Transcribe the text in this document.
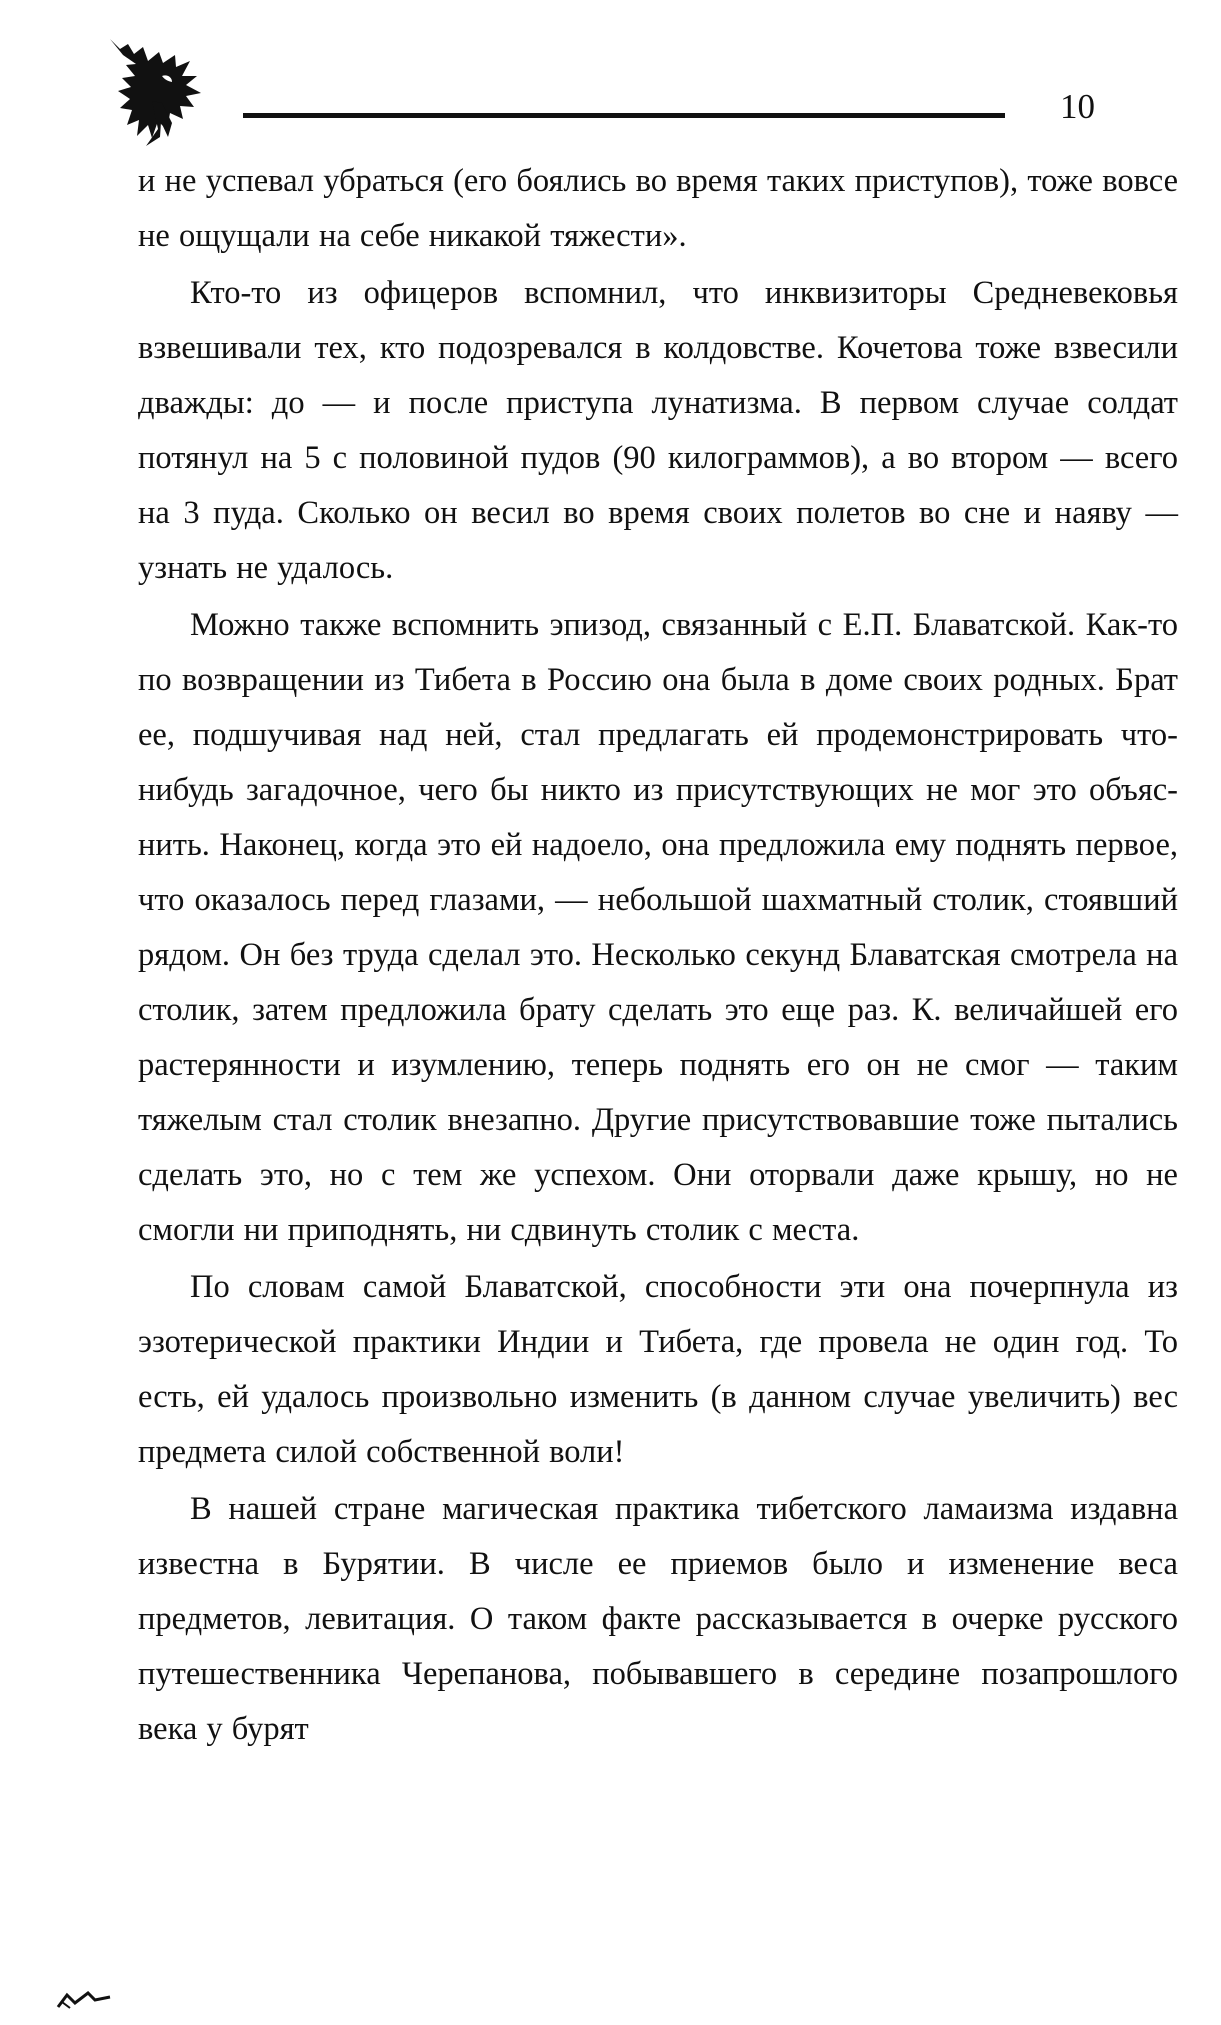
10

и не успевал убраться (его боялись во время таких приступов), тоже вовсе не ощущали на себе никакой тяжести».

Кто-то из офицеров вспомнил, что инквизиторы Средневековья взвешивали тех, кто подозревался в колдовстве. Кочетова тоже взвесили дважды: до — и после приступа лунатизма. В первом случае солдат потянул на 5 с половиной пудов (90 килограммов), а во втором — всего на 3 пуда. Сколько он весил во время своих полетов во сне и наяву — узнать не удалось.

Можно также вспомнить эпизод, связанный с Е.П. Блаватской. Как-то по возвращении из Тибета в Россию она была в доме своих родных. Брат ее, подшучивая над ней, стал предлагать ей продемонстрировать что-нибудь загадочное, чего бы никто из присутствующих не мог это объяснить. Наконец, когда это ей надоело, она предложила ему поднять первое, что оказалось перед глазами, — небольшой шахматный столик, стоявший рядом. Он без труда сделал это. Несколько секунд Блаватская смотрела на столик, затем предложила брату сделать это еще раз. К. величайшей его растерянности и изумлению, теперь поднять его он не смог — таким тяжелым стал столик внезапно. Другие присутствовавшие тоже пытались сделать это, но с тем же успехом. Они оторвали даже крышу, но не смогли ни приподнять, ни сдвинуть столик с места.

По словам самой Блаватской, способности эти она почерпнула из эзотерической практики Индии и Тибета, где провела не один год. То есть, ей удалось произвольно изменить (в данном случае увеличить) вес предмета силой собственной воли!

В нашей стране магическая практика тибетского ламаизма издавна известна в Бурятии. В числе ее приемов было и изменение веса предметов, левитация. О таком факте рассказывается в очерке русского путешественника Черепанова, побывавшего в середине позапрошлого века у бурят
